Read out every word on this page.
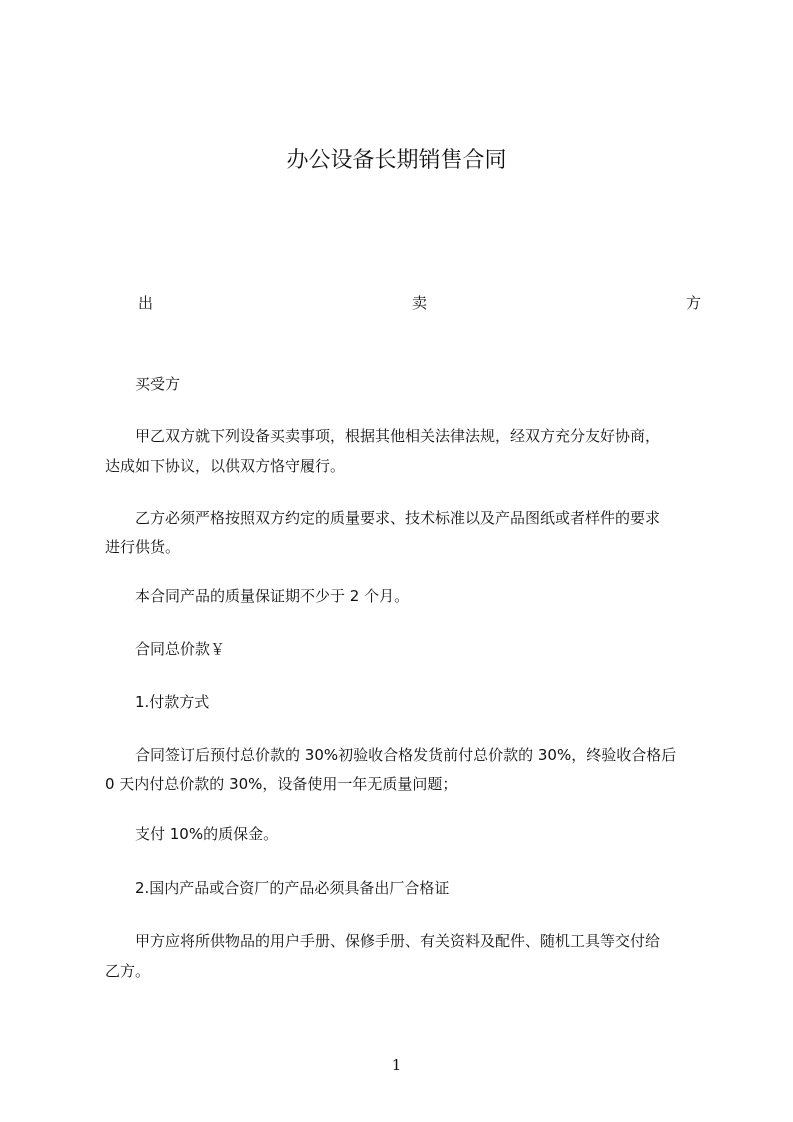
办公设备长期销售合同
出	卖	方
　　买受方
　　甲乙双方就下列设备买卖事项，根据其他相关法律法规，经双方充分友好协商，
达成如下协议，以供双方恪守履行。
　　乙方必须严格按照双方约定的质量要求、技术标准以及产品图纸或者样件的要求
进行供货。
　　本合同产品的质量保证期不少于 2 个月。
　　合同总价款￥
　　1.付款方式
　　合同签订后预付总价款的 30%初验收合格发货前付总价款的 30%，终验收合格后
0 天内付总价款的 30%，设备使用一年无质量问题；
　　支付 10%的质保金。
　　2.国内产品或合资厂的产品必须具备出厂合格证
　　甲方应将所供物品的用户手册、保修手册、有关资料及配件、随机工具等交付给
乙方。
1
